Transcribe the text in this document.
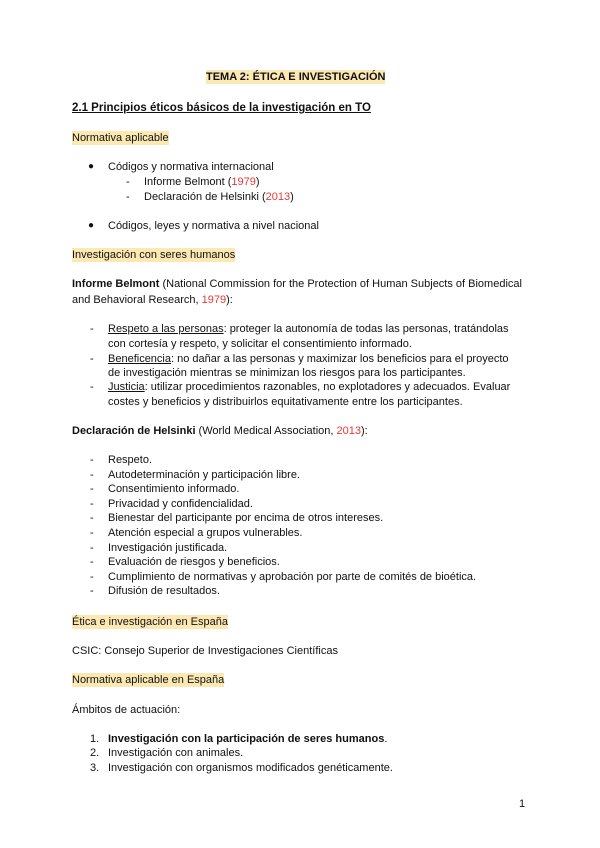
TEMA 2: ÉTICA E INVESTIGACIÓN
2.1 Principios éticos básicos de la investigación en TO
Normativa aplicable
● Códigos y normativa internacional
- Informe Belmont (1979)
- Declaración de Helsinki (2013)
● Códigos, leyes y normativa a nivel nacional
Investigación con seres humanos
Informe Belmont (National Commission for the Protection of Human Subjects of Biomedical
and Behavioral Research, 1979):
- Respeto a las personas: proteger la autonomía de todas las personas, tratándolas
con cortesía y respeto, y solicitar el consentimiento informado.
- Beneficencia: no dañar a las personas y maximizar los beneficios para el proyecto
de investigación mientras se minimizan los riesgos para los participantes.
- Justicia: utilizar procedimientos razonables, no explotadores y adecuados. Evaluar
costes y beneficios y distribuirlos equitativamente entre los participantes.
Declaración de Helsinki (World Medical Association, 2013):
- Respeto.
- Autodeterminación y participación libre.
- Consentimiento informado.
- Privacidad y confidencialidad.
- Bienestar del participante por encima de otros intereses.
- Atención especial a grupos vulnerables.
- Investigación justificada.
- Evaluación de riesgos y beneficios.
- Cumplimiento de normativas y aprobación por parte de comités de bioética.
- Difusión de resultados.
Ética e investigación en España
CSIC: Consejo Superior de Investigaciones Científicas
Normativa aplicable en España
Ámbitos de actuación:
1. Investigación con la participación de seres humanos.
2. Investigación con animales.
3. Investigación con organismos modificados genéticamente.
1
